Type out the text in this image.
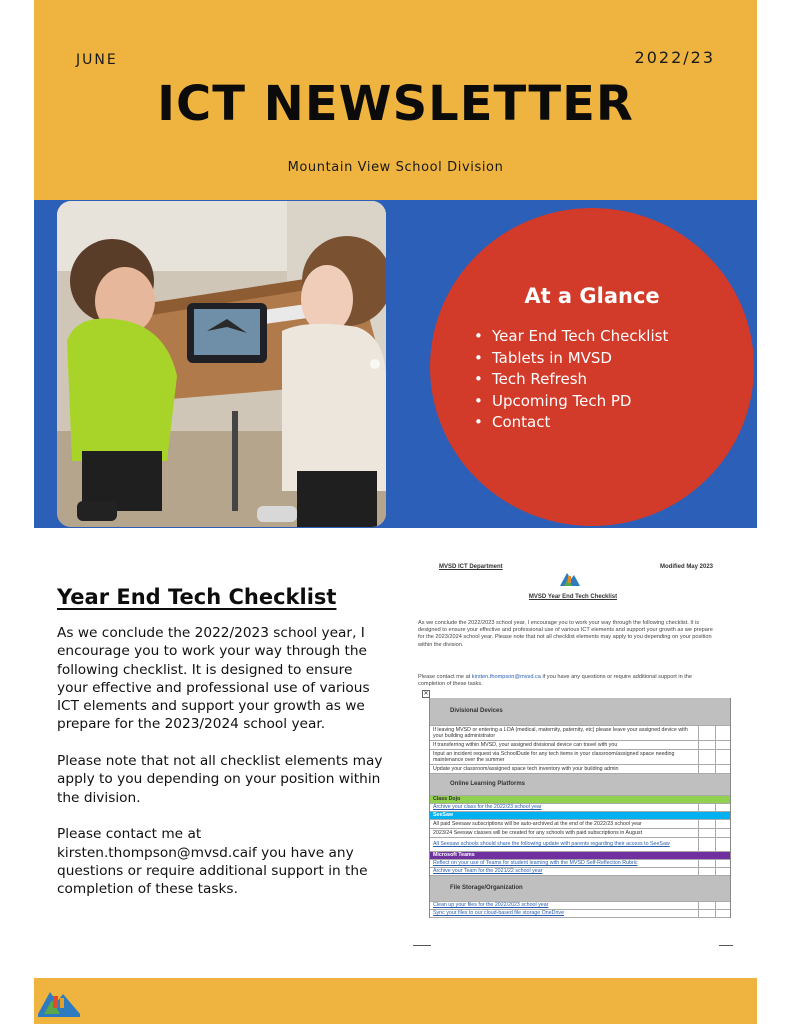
JUNE	2022/23
ICT NEWSLETTER
Mountain View School Division
At a Glance
• Year End Tech Checklist
• Tablets in MVSD
• Tech Refresh
• Upcoming Tech PD
• Contact
Year End Tech Checklist

As we conclude the 2022/2023 school year, I encourage you to work your way through the following checklist. It is designed to ensure your effective and professional use of various ICT elements and support your growth as we prepare for the 2023/2024 school year.

Please note that not all checklist elements may apply to you depending on your position within the division.

Please contact me at kirsten.thompson@mvsd.caif you have any questions or require additional support in the completion of these tasks.

MVSD ICT Department	Modified May 2023
MVSD Year End Tech Checklist
As we conclude the 2022/2023 school year, I encourage you to work your way through the following checklist. It is designed to ensure your effective and professional use of various ICT elements and support your growth as we prepare for the 2023/2024 school year. Please note that not all checklist elements may apply to you depending on your position within the division.
Please contact me at kirsten.thompson@mvsd.ca if you have any questions or require additional support in the completion of these tasks.
✕
Divisional Devices
If leaving MVSD or entering a LOA (medical, maternity, paternity, etc) please leave your assigned device with your building administrator
If transferring within MVSD, your assigned divisional device can travel with you
Input an incident request via SchoolDude for any tech items in your classroom/assigned space needing maintenance over the summer
Update your classroom/assigned space tech inventory with your building admin
Online Learning Platforms
Class Dojo
Archive your class for the 2022/23 school year
SeeSaw
All paid Seesaw subscriptions will be auto-archived at the end of the 2022/23 school year
2023/24 Seesaw classes will be created for any schools with paid subscriptions in August
All Seesaw schools should share the following update with parents regarding their access to SeeSaw
Microsoft Teams
Reflect on your use of Teams for student learning with the MVSD Self-Reflection Rubric
Archive your Team for the 2021/22 school year
File Storage/Organization
Clean up your files for the 2022/2023 school year
Sync your files to our cloud-based file storage OneDrive
